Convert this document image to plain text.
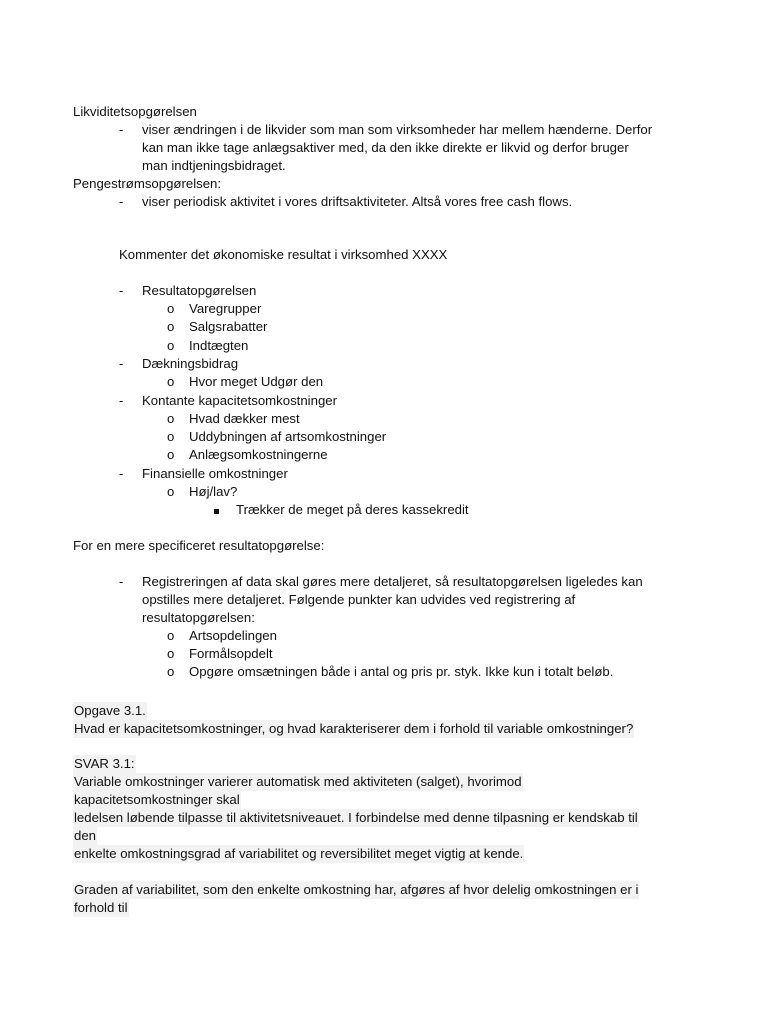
Likviditetsopgørelsen
- viser ændringen i de likvider som man som virksomheder har mellem hænderne. Derfor
kan man ikke tage anlægsaktiver med, da den ikke direkte er likvid og derfor bruger
man indtjeningsbidraget.
Pengestrømsopgørelsen:
- viser periodisk aktivitet i vores driftsaktiviteter. Altså vores free cash flows.
Kommenter det økonomiske resultat i virksomhed XXXX
- Resultatopgørelsen
o Varegrupper
o Salgsrabatter
o Indtægten
- Dækningsbidrag
o Hvor meget Udgør den
- Kontante kapacitetsomkostninger
o Hvad dækker mest
o Uddybningen af artsomkostninger
o Anlægsomkostningerne
- Finansielle omkostninger
o Høj/lav?
Trækker de meget på deres kassekredit
For en mere specificeret resultatopgørelse:
- Registreringen af data skal gøres mere detaljeret, så resultatopgørelsen ligeledes kan
opstilles mere detaljeret. Følgende punkter kan udvides ved registrering af
resultatopgørelsen:
o Artsopdelingen
o Formålsopdelt
o Opgøre omsætningen både i antal og pris pr. styk. Ikke kun i totalt beløb.
Opgave 3.1.
Hvad er kapacitetsomkostninger, og hvad karakteriserer dem i forhold til variable omkostninger?
SVAR 3.1:
Variable omkostninger varierer automatisk med aktiviteten (salget), hvorimod
kapacitetsomkostninger skal
ledelsen løbende tilpasse til aktivitetsniveauet. I forbindelse med denne tilpasning er kendskab til
den
enkelte omkostningsgrad af variabilitet og reversibilitet meget vigtig at kende.
Graden af variabilitet, som den enkelte omkostning har, afgøres af hvor delelig omkostningen er i
forhold til
